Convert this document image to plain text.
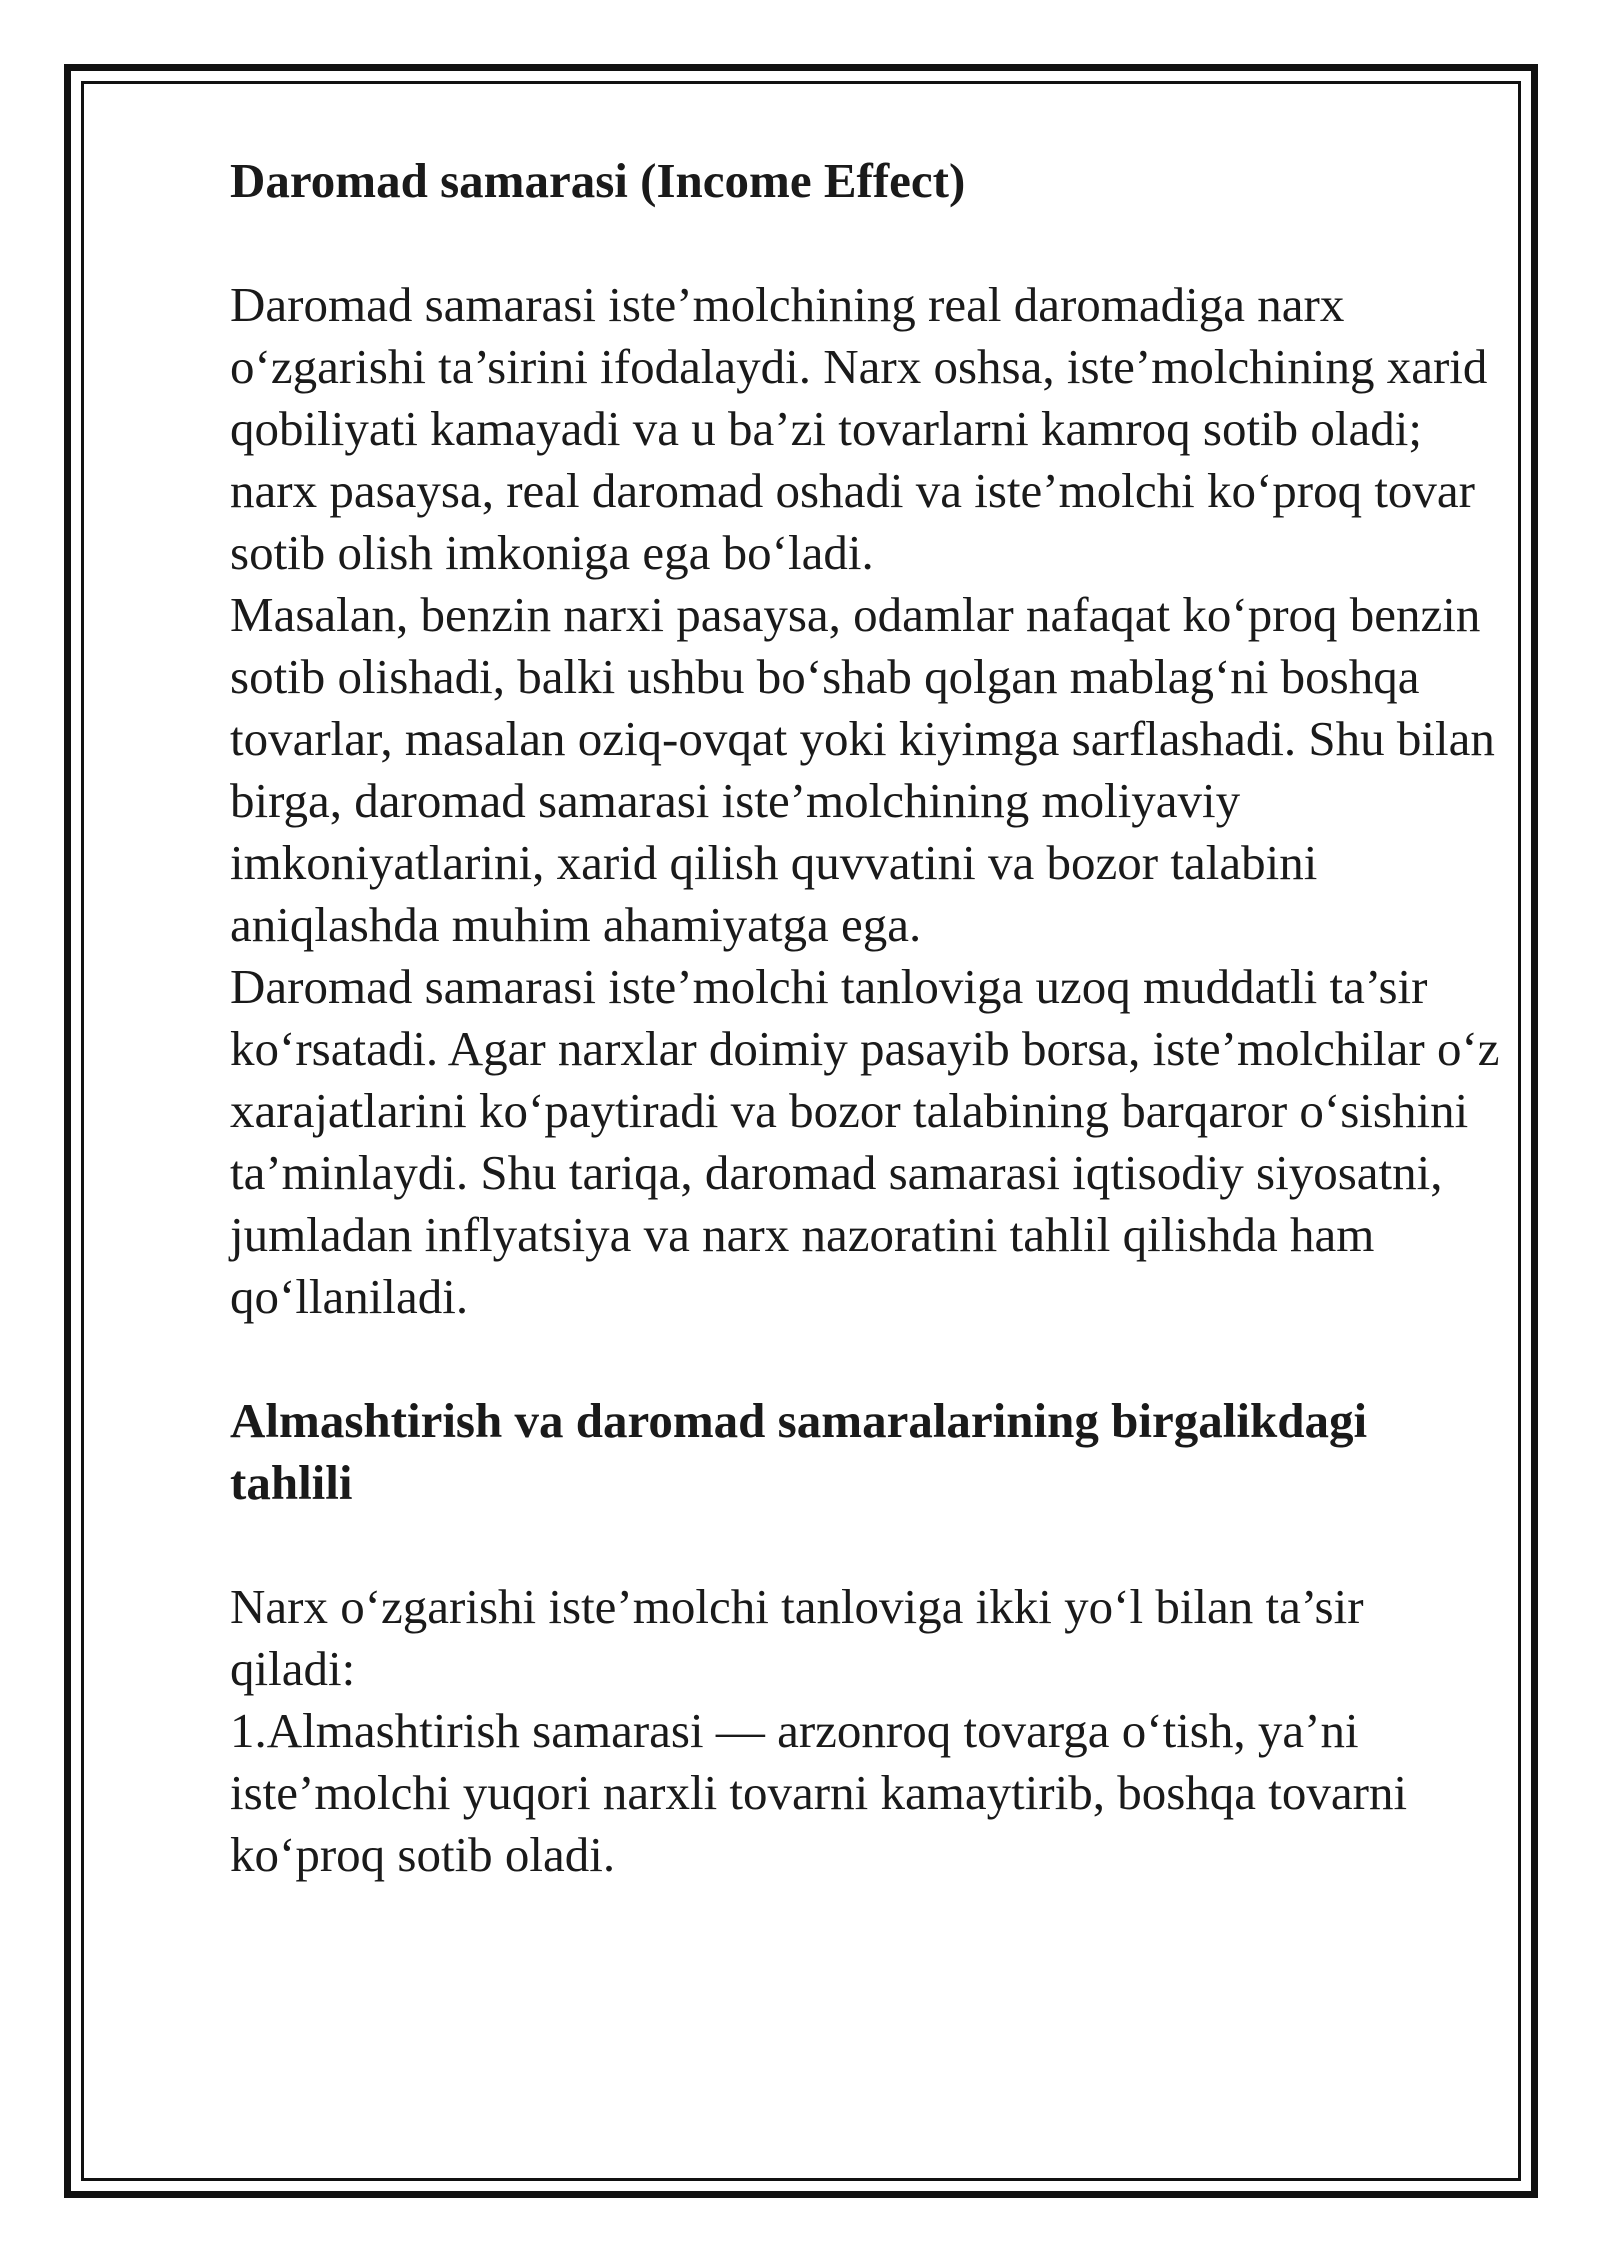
Daromad samarasi (Income Effect)

Daromad samarasi iste’molchining real daromadiga narx o‘zgarishi ta’sirini ifodalaydi. Narx oshsa, iste’molchining xarid qobiliyati kamayadi va u ba’zi tovarlarni kamroq sotib oladi; narx pasaysa, real daromad oshadi va iste’molchi ko‘proq tovar sotib olish imkoniga ega bo‘ladi.

Masalan, benzin narxi pasaysa, odamlar nafaqat ko‘proq benzin sotib olishadi, balki ushbu bo‘shab qolgan mablag‘ni boshqa tovarlar, masalan oziq-ovqat yoki kiyimga sarflashadi. Shu bilan birga, daromad samarasi iste’molchining moliyaviy imkoniyatlarini, xarid qilish quvvatini va bozor talabini aniqlashda muhim ahamiyatga ega.

Daromad samarasi iste’molchi tanloviga uzoq muddatli ta’sir ko‘rsatadi. Agar narxlar doimiy pasayib borsa, iste’molchilar o‘z xarajatlarini ko‘paytiradi va bozor talabining barqaror o‘sishini ta’minlaydi. Shu tariqa, daromad samarasi iqtisodiy siyosatni, jumladan inflyatsiya va narx nazoratini tahlil qilishda ham qo‘llaniladi.

Almashtirish va daromad samaralarining birgalikdagi tahlili

Narx o‘zgarishi iste’molchi tanloviga ikki yo‘l bilan ta’sir qiladi:

1.Almashtirish samarasi — arzonroq tovarga o‘tish, ya’ni iste’molchi yuqori narxli tovarni kamaytirib, boshqa tovarni ko‘proq sotib oladi.
